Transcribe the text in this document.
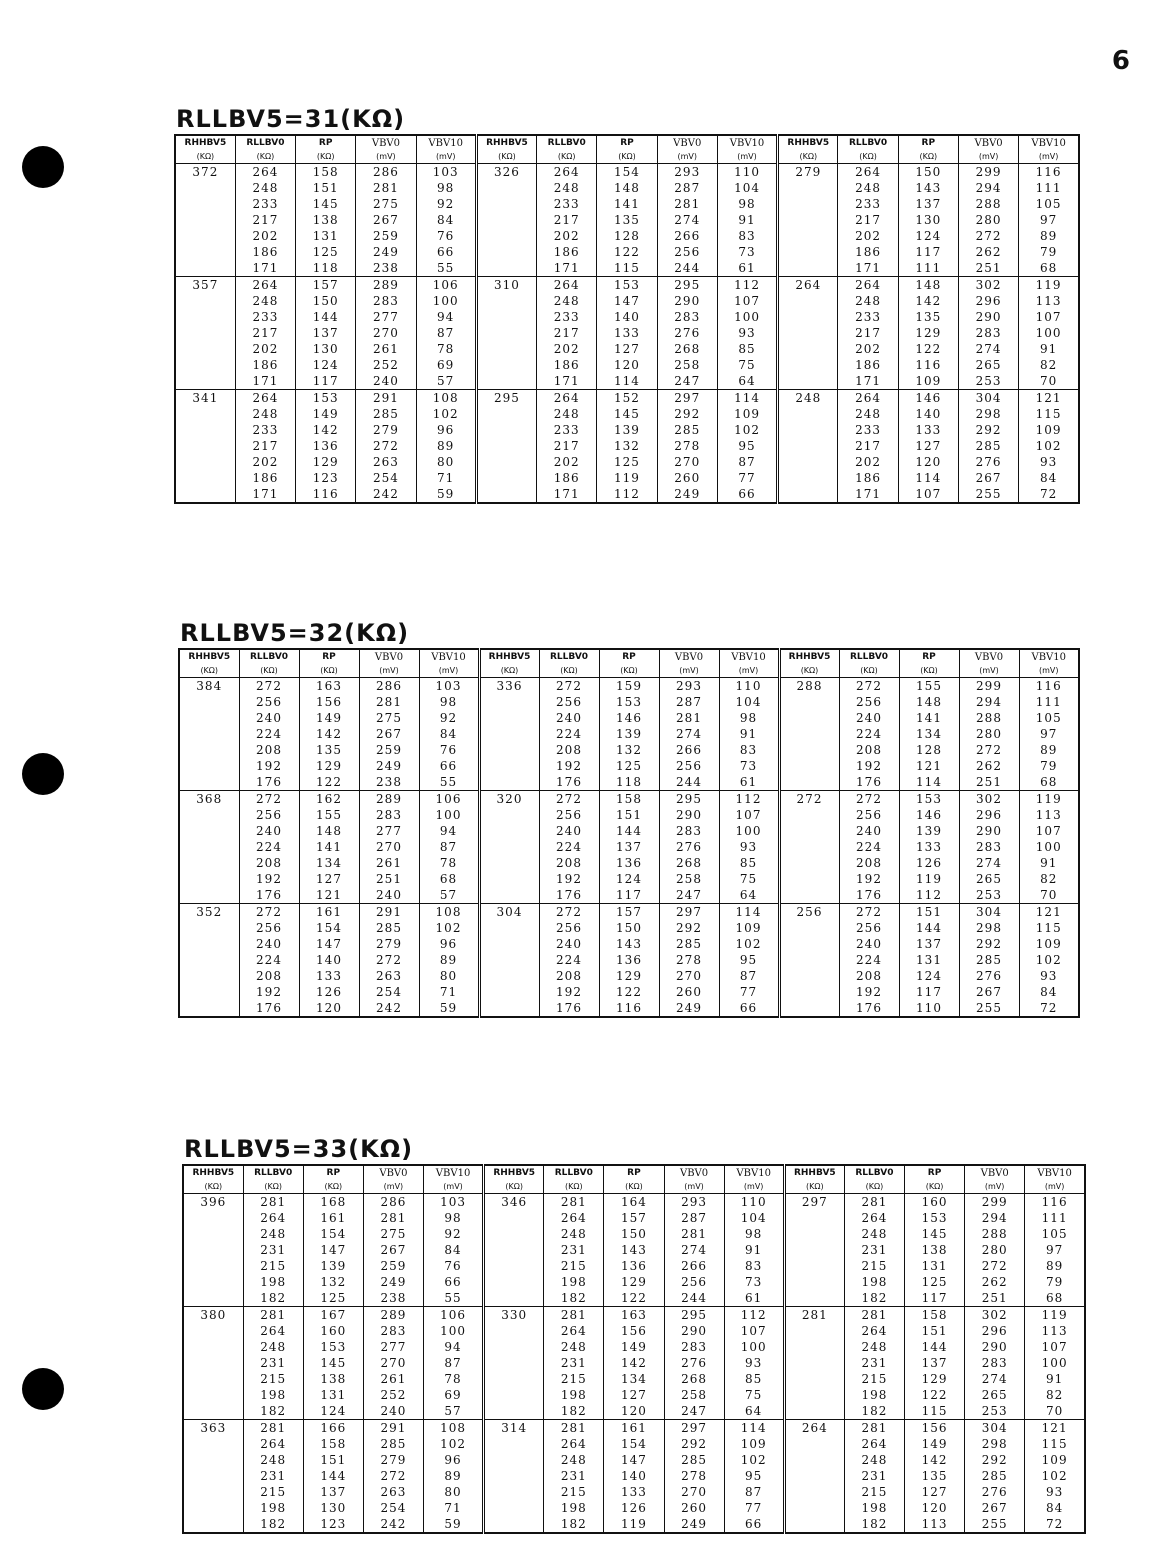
6
RLLBV5=31(KΩ)
RHHBV5	RLLBV0	RP	VBV0	VBV10	RHHBV5	RLLBV0	RP	VBV0	VBV10	RHHBV5	RLLBV0	RP	VBV0	VBV10
(KΩ)	(KΩ)	(KΩ)	(mV)	(mV)	(KΩ)	(KΩ)	(KΩ)	(mV)	(mV)	(KΩ)	(KΩ)	(KΩ)	(mV)	(mV)
372	264	158	286	103	326	264	154	293	110	279	264	150	299	116
	248	151	281	98		248	148	287	104		248	143	294	111
	233	145	275	92		233	141	281	98		233	137	288	105
	217	138	267	84		217	135	274	91		217	130	280	97
	202	131	259	76		202	128	266	83		202	124	272	89
	186	125	249	66		186	122	256	73		186	117	262	79
	171	118	238	55		171	115	244	61		171	111	251	68
357	264	157	289	106	310	264	153	295	112	264	264	148	302	119
	248	150	283	100		248	147	290	107		248	142	296	113
	233	144	277	94		233	140	283	100		233	135	290	107
	217	137	270	87		217	133	276	93		217	129	283	100
	202	130	261	78		202	127	268	85		202	122	274	91
	186	124	252	69		186	120	258	75		186	116	265	82
	171	117	240	57		171	114	247	64		171	109	253	70
341	264	153	291	108	295	264	152	297	114	248	264	146	304	121
	248	149	285	102		248	145	292	109		248	140	298	115
	233	142	279	96		233	139	285	102		233	133	292	109
	217	136	272	89		217	132	278	95		217	127	285	102
	202	129	263	80		202	125	270	87		202	120	276	93
	186	123	254	71		186	119	260	77		186	114	267	84
	171	116	242	59		171	112	249	66		171	107	255	72
RLLBV5=32(KΩ)
RHHBV5	RLLBV0	RP	VBV0	VBV10	RHHBV5	RLLBV0	RP	VBV0	VBV10	RHHBV5	RLLBV0	RP	VBV0	VBV10
(KΩ)	(KΩ)	(KΩ)	(mV)	(mV)	(KΩ)	(KΩ)	(KΩ)	(mV)	(mV)	(KΩ)	(KΩ)	(KΩ)	(mV)	(mV)
384	272	163	286	103	336	272	159	293	110	288	272	155	299	116
	256	156	281	98		256	153	287	104		256	148	294	111
	240	149	275	92		240	146	281	98		240	141	288	105
	224	142	267	84		224	139	274	91		224	134	280	97
	208	135	259	76		208	132	266	83		208	128	272	89
	192	129	249	66		192	125	256	73		192	121	262	79
	176	122	238	55		176	118	244	61		176	114	251	68
368	272	162	289	106	320	272	158	295	112	272	272	153	302	119
	256	155	283	100		256	151	290	107		256	146	296	113
	240	148	277	94		240	144	283	100		240	139	290	107
	224	141	270	87		224	137	276	93		224	133	283	100
	208	134	261	78		208	136	268	85		208	126	274	91
	192	127	251	68		192	124	258	75		192	119	265	82
	176	121	240	57		176	117	247	64		176	112	253	70
352	272	161	291	108	304	272	157	297	114	256	272	151	304	121
	256	154	285	102		256	150	292	109		256	144	298	115
	240	147	279	96		240	143	285	102		240	137	292	109
	224	140	272	89		224	136	278	95		224	131	285	102
	208	133	263	80		208	129	270	87		208	124	276	93
	192	126	254	71		192	122	260	77		192	117	267	84
	176	120	242	59		176	116	249	66		176	110	255	72
RLLBV5=33(KΩ)
RHHBV5	RLLBV0	RP	VBV0	VBV10	RHHBV5	RLLBV0	RP	VBV0	VBV10	RHHBV5	RLLBV0	RP	VBV0	VBV10
(KΩ)	(KΩ)	(KΩ)	(mV)	(mV)	(KΩ)	(KΩ)	(KΩ)	(mV)	(mV)	(KΩ)	(KΩ)	(KΩ)	(mV)	(mV)
396	281	168	286	103	346	281	164	293	110	297	281	160	299	116
	264	161	281	98		264	157	287	104		264	153	294	111
	248	154	275	92		248	150	281	98		248	145	288	105
	231	147	267	84		231	143	274	91		231	138	280	97
	215	139	259	76		215	136	266	83		215	131	272	89
	198	132	249	66		198	129	256	73		198	125	262	79
	182	125	238	55		182	122	244	61		182	117	251	68
380	281	167	289	106	330	281	163	295	112	281	281	158	302	119
	264	160	283	100		264	156	290	107		264	151	296	113
	248	153	277	94		248	149	283	100		248	144	290	107
	231	145	270	87		231	142	276	93		231	137	283	100
	215	138	261	78		215	134	268	85		215	129	274	91
	198	131	252	69		198	127	258	75		198	122	265	82
	182	124	240	57		182	120	247	64		182	115	253	70
363	281	166	291	108	314	281	161	297	114	264	281	156	304	121
	264	158	285	102		264	154	292	109		264	149	298	115
	248	151	279	96		248	147	285	102		248	142	292	109
	231	144	272	89		231	140	278	95		231	135	285	102
	215	137	263	80		215	133	270	87		215	127	276	93
	198	130	254	71		198	126	260	77		198	120	267	84
	182	123	242	59		182	119	249	66		182	113	255	72
